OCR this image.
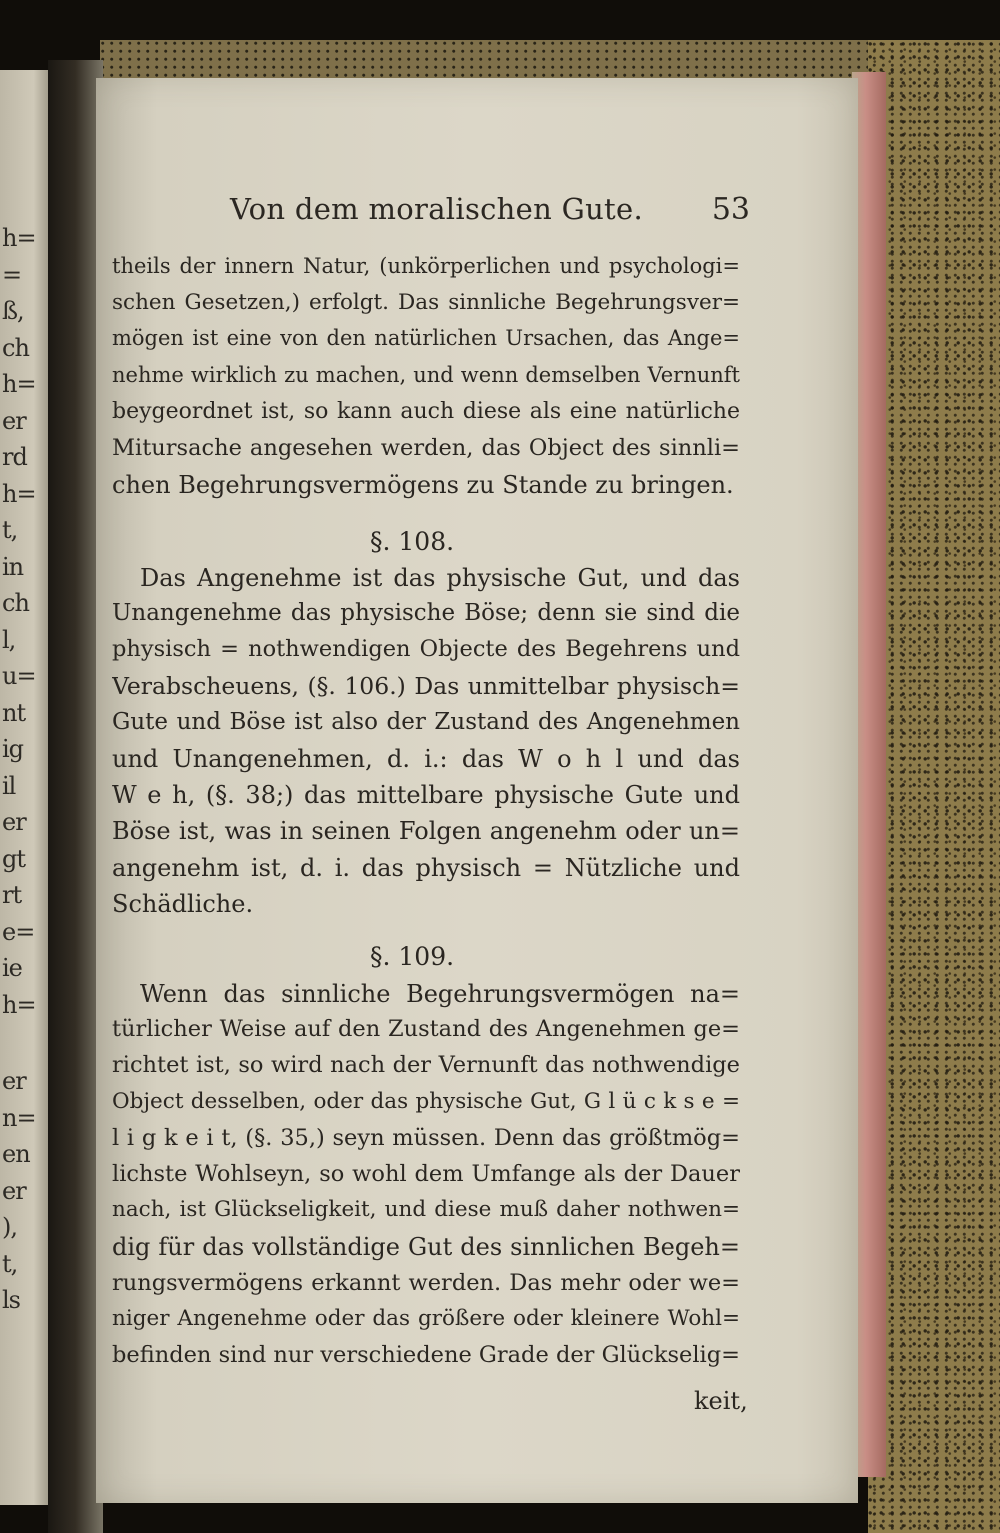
h=
=
ß,
ch
h=
er
rd
h=
t,
in
ch
l,
u=
nt
ig
il
er
gt
rt
e=
ie
h=
er
n=
en
er
),
t,
ls
Von dem moralischen Gute. 53
theils der innern Natur, (unkörperlichen und psychologi=
schen Gesetzen,) erfolgt. Das sinnliche Begehrungsver=
mögen ist eine von den natürlichen Ursachen, das Ange=
nehme wirklich zu machen, und wenn demselben Vernunft
beygeordnet ist, so kann auch diese als eine natürliche
Mitursache angesehen werden, das Object des sinnli=
chen Begehrungsvermögens zu Stande zu bringen.
§. 108.
Das Angenehme ist das physische Gut, und das
Unangenehme das physische Böse; denn sie sind die
physisch = nothwendigen Objecte des Begehrens und
Verabscheuens, (§. 106.) Das unmittelbar physisch=
Gute und Böse ist also der Zustand des Angenehmen
und Unangenehmen, d. i.: das W o h l und das
W e h, (§. 38;) das mittelbare physische Gute und
Böse ist, was in seinen Folgen angenehm oder un=
angenehm ist, d. i. das physisch = Nützliche und
Schädliche.
§. 109.
Wenn das sinnliche Begehrungsvermögen na=
türlicher Weise auf den Zustand des Angenehmen ge=
richtet ist, so wird nach der Vernunft das nothwendige
Object desselben, oder das physische Gut, G l ü c k s e =
l i g k e i t, (§. 35,) seyn müssen. Denn das größtmög=
lichste Wohlseyn, so wohl dem Umfange als der Dauer
nach, ist Glückseligkeit, und diese muß daher nothwen=
dig für das vollständige Gut des sinnlichen Begeh=
rungsvermögens erkannt werden. Das mehr oder we=
niger Angenehme oder das größere oder kleinere Wohl=
befinden sind nur verschiedene Grade der Glückselig=
keit,
